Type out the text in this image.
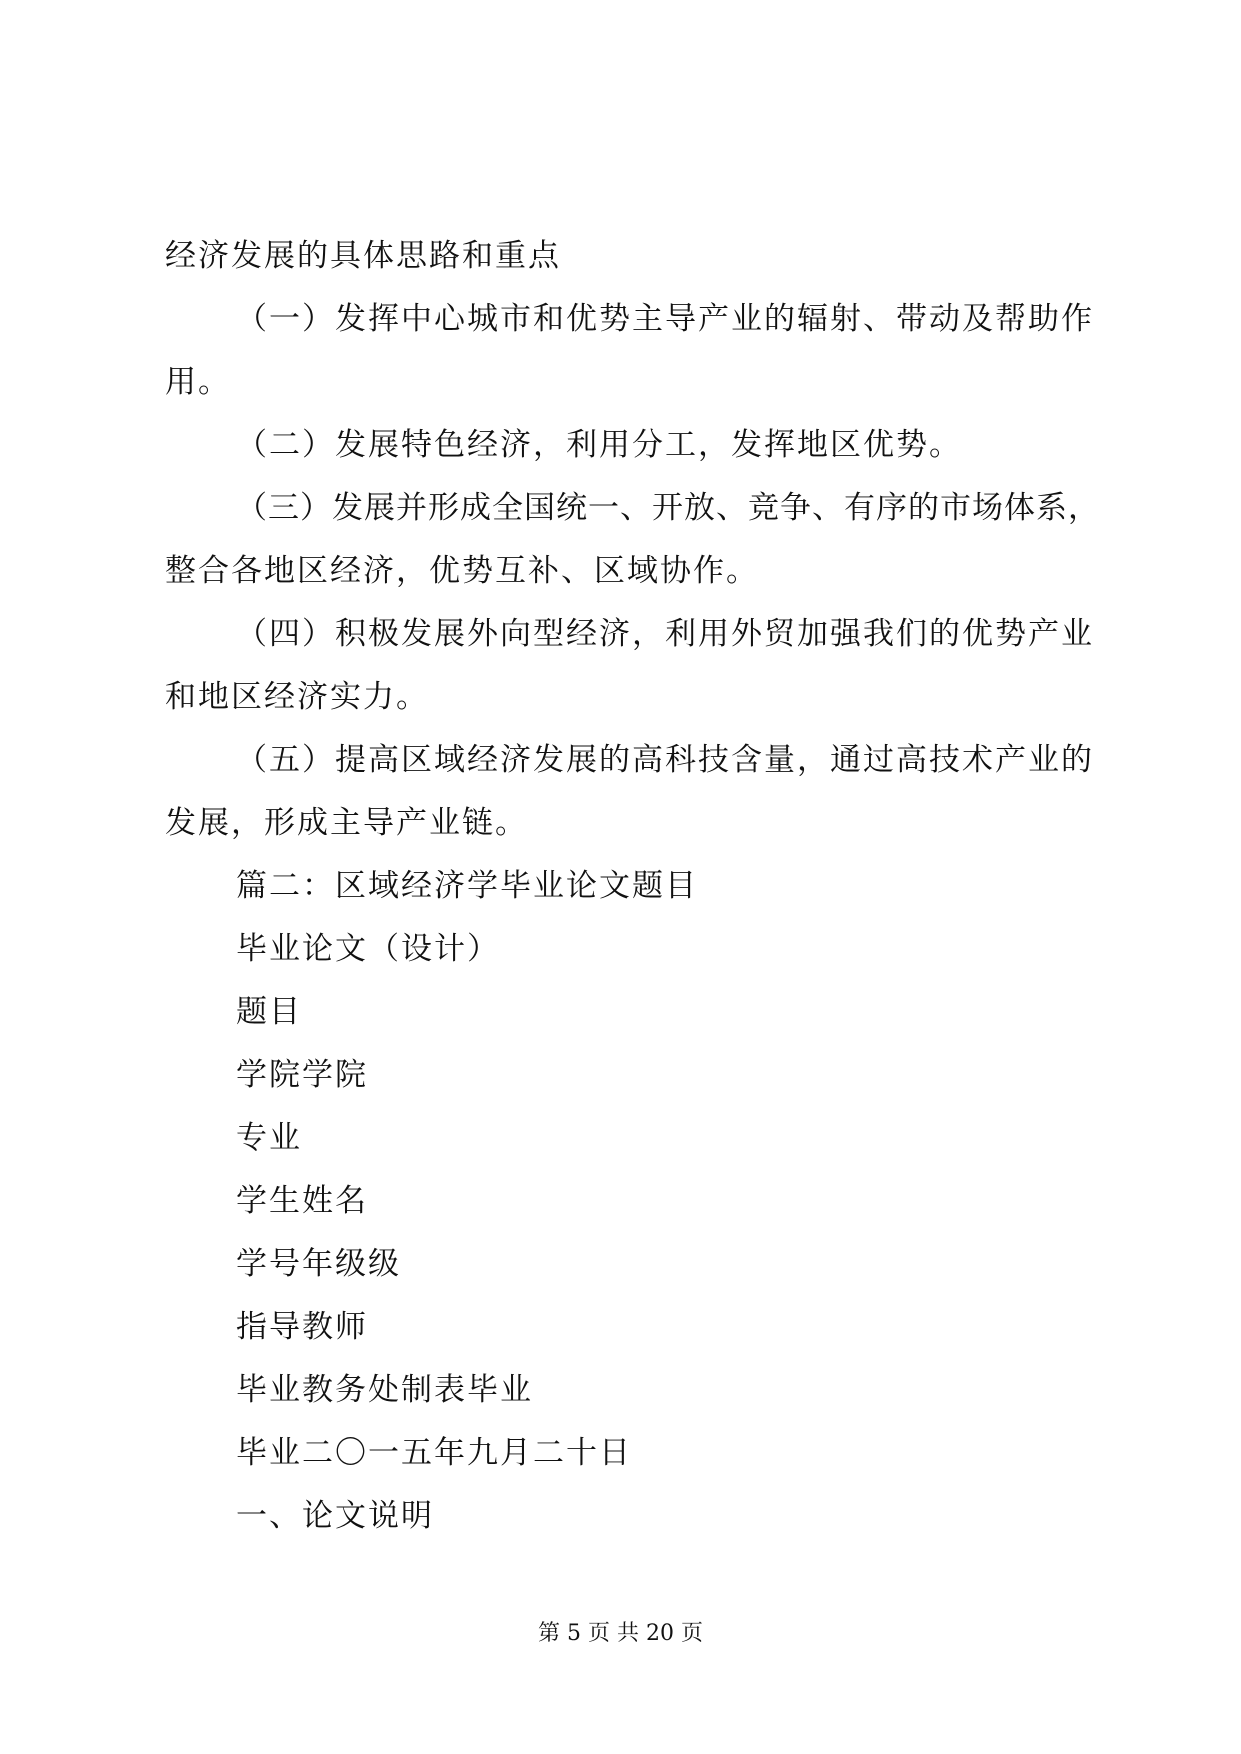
经济发展的具体思路和重点
（一）发挥中心城市和优势主导产业的辐射、带动及帮助作
用。
（二）发展特色经济，利用分工，发挥地区优势。
（三）发展并形成全国统一、开放、竞争、有序的市场体系，
整合各地区经济，优势互补、区域协作。
（四）积极发展外向型经济，利用外贸加强我们的优势产业
和地区经济实力。
（五）提高区域经济发展的高科技含量，通过高技术产业的
发展，形成主导产业链。
篇二：区域经济学毕业论文题目
毕业论文（设计）
题目
学院学院
专业
学生姓名
学号年级级
指导教师
毕业教务处制表毕业
毕业二〇一五年九月二十日
一、论文说明
第 5 页 共 20 页
